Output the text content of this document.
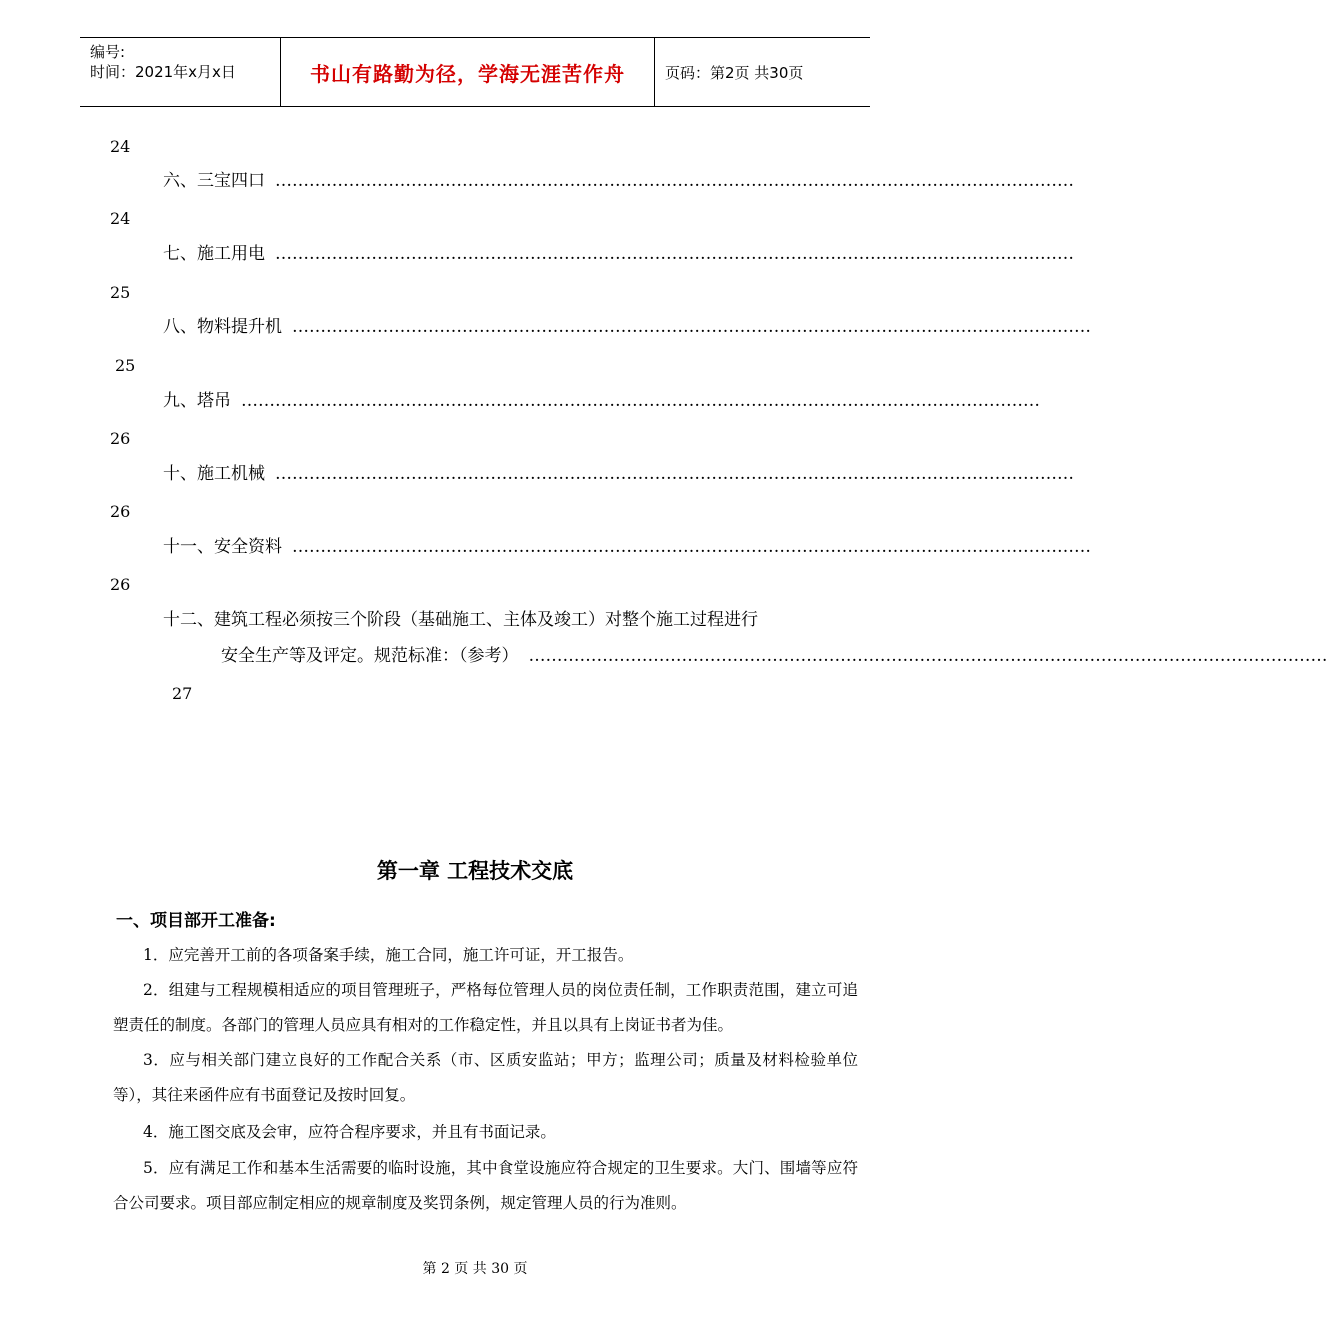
编号:
时间：2021年x月x日	书山有路勤为径，学海无涯苦作舟	页码：第2页 共30页
24
六、三宝四口 ……………………………………………………………………………………………………………………………
24
七、施工用电 ……………………………………………………………………………………………………………………………
25
八、物料提升机 ……………………………………………………………………………………………………………………………
25
九、塔吊 ……………………………………………………………………………………………………………………………
26
十、施工机械 ……………………………………………………………………………………………………………………………
26
十一、安全资料 ……………………………………………………………………………………………………………………………
26
十二、建筑工程必须按三个阶段（基础施工、主体及竣工）对整个施工过程进行
安全生产等及评定。规范标准：（参考） ……………………………………………………………………………………………………………………………
27
第一章 工程技术交底
一、项目部开工准备:
1．应完善开工前的各项备案手续，施工合同，施工许可证，开工报告。
2．组建与工程规模相适应的项目管理班子，严格每位管理人员的岗位责任制，工作职责范围，建立可追塑责任的制度。各部门的管理人员应具有相对的工作稳定性，并且以具有上岗证书者为佳。
3．应与相关部门建立良好的工作配合关系（市、区质安监站；甲方；监理公司；质量及材料检验单位等），其往来函件应有书面登记及按时回复。
4．施工图交底及会审，应符合程序要求，并且有书面记录。
5．应有满足工作和基本生活需要的临时设施，其中食堂设施应符合规定的卫生要求。大门、围墙等应符合公司要求。项目部应制定相应的规章制度及奖罚条例，规定管理人员的行为准则。
第 2 页 共 30 页
